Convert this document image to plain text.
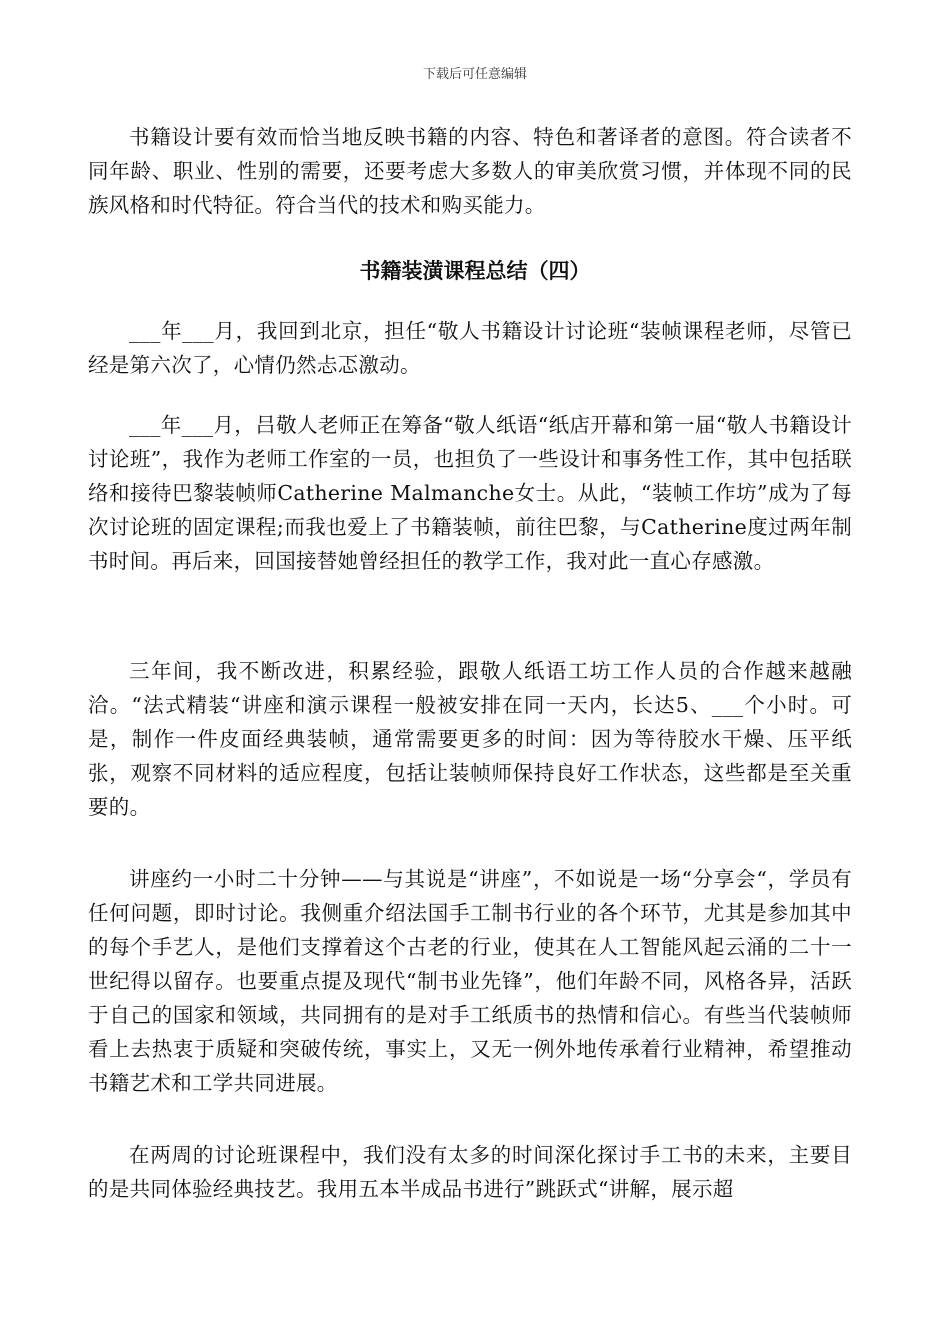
下载后可任意编辑

书籍设计要有效而恰当地反映书籍的内容、特色和著译者的意图。符合读者不同年龄、职业、性别的需要，还要考虑大多数人的审美欣赏习惯，并体现不同的民族风格和时代特征。符合当代的技术和购买能力。

书籍装潢课程总结（四）

___年___月，我回到北京，担任“敬人书籍设计讨论班“装帧课程老师，尽管已经是第六次了，心情仍然忐忑激动。

___年___月，吕敬人老师正在筹备“敬人纸语“纸店开幕和第一届“敬人书籍设计讨论班”，我作为老师工作室的一员，也担负了一些设计和事务性工作，其中包括联络和接待巴黎装帧师Catherine Malmanche女士。从此，“装帧工作坊”成为了每次讨论班的固定课程;而我也爱上了书籍装帧，前往巴黎，与Catherine度过两年制书时间。再后来，回国接替她曾经担任的教学工作，我对此一直心存感激。

三年间，我不断改进，积累经验，跟敬人纸语工坊工作人员的合作越来越融洽。“法式精装“讲座和演示课程一般被安排在同一天内，长达5、___个小时。可是，制作一件皮面经典装帧，通常需要更多的时间：因为等待胶水干燥、压平纸张，观察不同材料的适应程度，包括让装帧师保持良好工作状态，这些都是至关重要的。

讲座约一小时二十分钟——与其说是“讲座”，不如说是一场“分享会“，学员有任何问题，即时讨论。我侧重介绍法国手工制书行业的各个环节，尤其是参加其中的每个手艺人，是他们支撑着这个古老的行业，使其在人工智能风起云涌的二十一世纪得以留存。也要重点提及现代“制书业先锋”，他们年龄不同，风格各异，活跃于自己的国家和领域，共同拥有的是对手工纸质书的热情和信心。有些当代装帧师看上去热衷于质疑和突破传统，事实上，又无一例外地传承着行业精神，希望推动书籍艺术和工学共同进展。

在两周的讨论班课程中，我们没有太多的时间深化探讨手工书的未来，主要目的是共同体验经典技艺。我用五本半成品书进行”跳跃式“讲解，展示超
